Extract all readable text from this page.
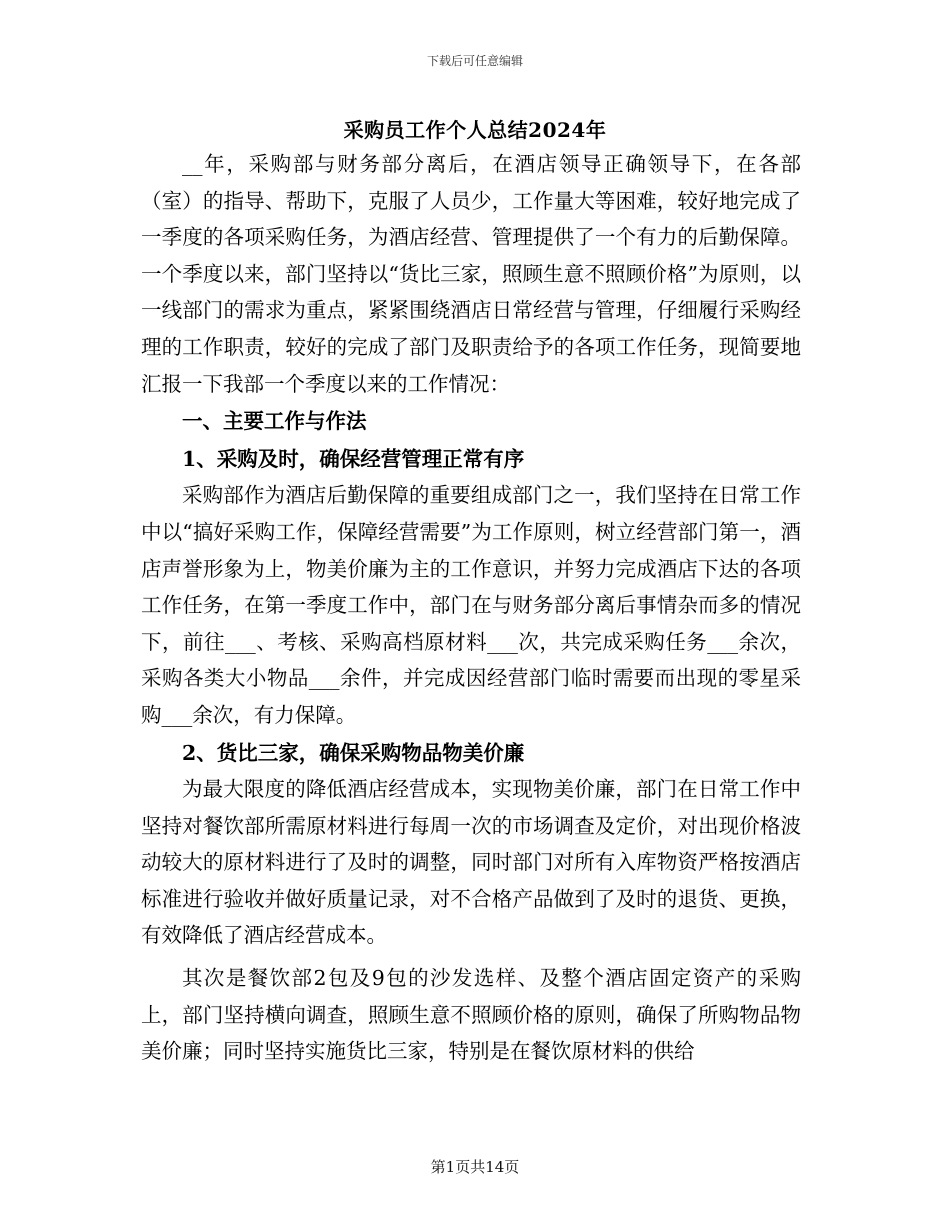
下载后可任意编辑
采购员工作个人总结2024年

__年，采购部与财务部分离后，在酒店领导正确领导下，在各部（室）的指导、帮助下，克服了人员少，工作量大等困难，较好地完成了一季度的各项采购任务，为酒店经营、管理提供了一个有力的后勤保障。一个季度以来，部门坚持以“货比三家，照顾生意不照顾价格”为原则，以一线部门的需求为重点，紧紧围绕酒店日常经营与管理，仔细履行采购经理的工作职责，较好的完成了部门及职责给予的各项工作任务，现简要地汇报一下我部一个季度以来的工作情况：

一、主要工作与作法

1、采购及时，确保经营管理正常有序

采购部作为酒店后勤保障的重要组成部门之一，我们坚持在日常工作中以“搞好采购工作，保障经营需要”为工作原则，树立经营部门第一，酒店声誉形象为上，物美价廉为主的工作意识，并努力完成酒店下达的各项工作任务，在第一季度工作中，部门在与财务部分离后事情杂而多的情况下，前往___、考核、采购高档原材料___次，共完成采购任务___余次，采购各类大小物品___余件，并完成因经营部门临时需要而出现的零星采购___余次，有力保障。

2、货比三家，确保采购物品物美价廉

为最大限度的降低酒店经营成本，实现物美价廉，部门在日常工作中坚持对餐饮部所需原材料进行每周一次的市场调查及定价，对出现价格波动较大的原材料进行了及时的调整，同时部门对所有入库物资严格按酒店标准进行验收并做好质量记录，对不合格产品做到了及时的退货、更换，有效降低了酒店经营成本。

其次是餐饮部2包及9包的沙发选样、及整个酒店固定资产的采购上，部门坚持横向调查，照顾生意不照顾价格的原则，确保了所购物品物美价廉；同时坚持实施货比三家，特别是在餐饮原材料的供给

第1页共14页
